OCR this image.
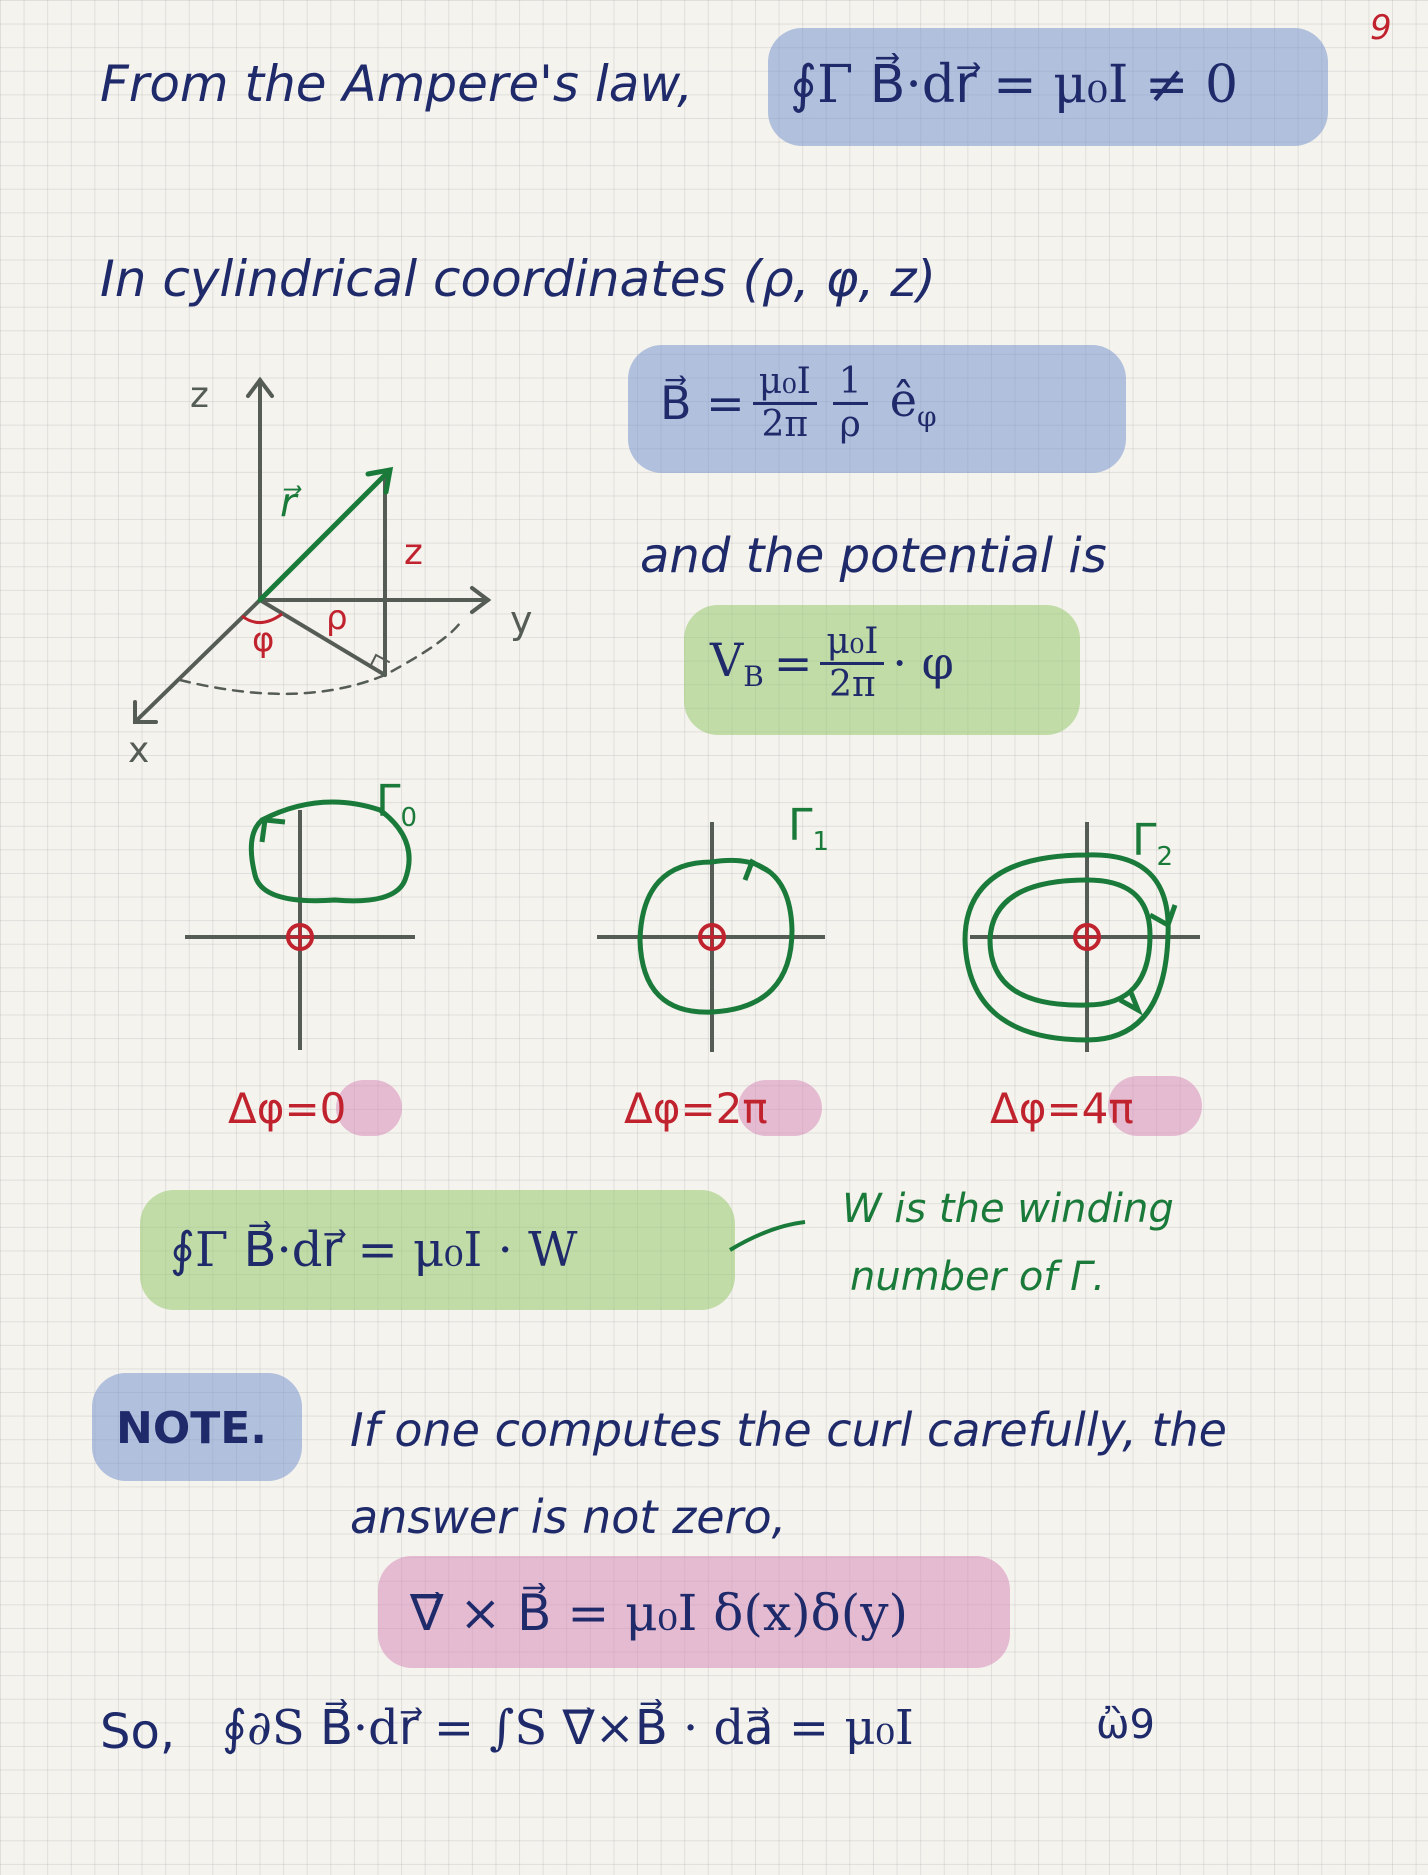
9
From the Ampere's law, ∮Γ B⃗·dr⃗ = μ₀I ≠ 0
In cylindrical coordinates (ρ, φ, z)
B⃗ = $\frac{\text{μ₀I}}{2\pi} \frac{1}{\rho}$ $ê_\varphi$
and the potential is
$V_B = \frac{\text{μ₀I}}{2\pi} \cdot \varphi$
z
y
x
r⃗
z
ρ
φ
$\Gamma_0$	$\Gamma_1$	$\Gamma_2$
Δφ=0	Δφ=2π	Δφ=4π
∮Γ B⃗·dr⃗ = μ₀I · W
W is the winding
number of Γ.
NOTE. If one computes the curl carefully, the
answer is not zero,
∇⃗ × B⃗ = μ₀I δ(x)δ(y)
So, ∮∂S B⃗·dr⃗ = ∫S ∇⃗×B⃗ · da⃗ = μ₀I	ὢ9
